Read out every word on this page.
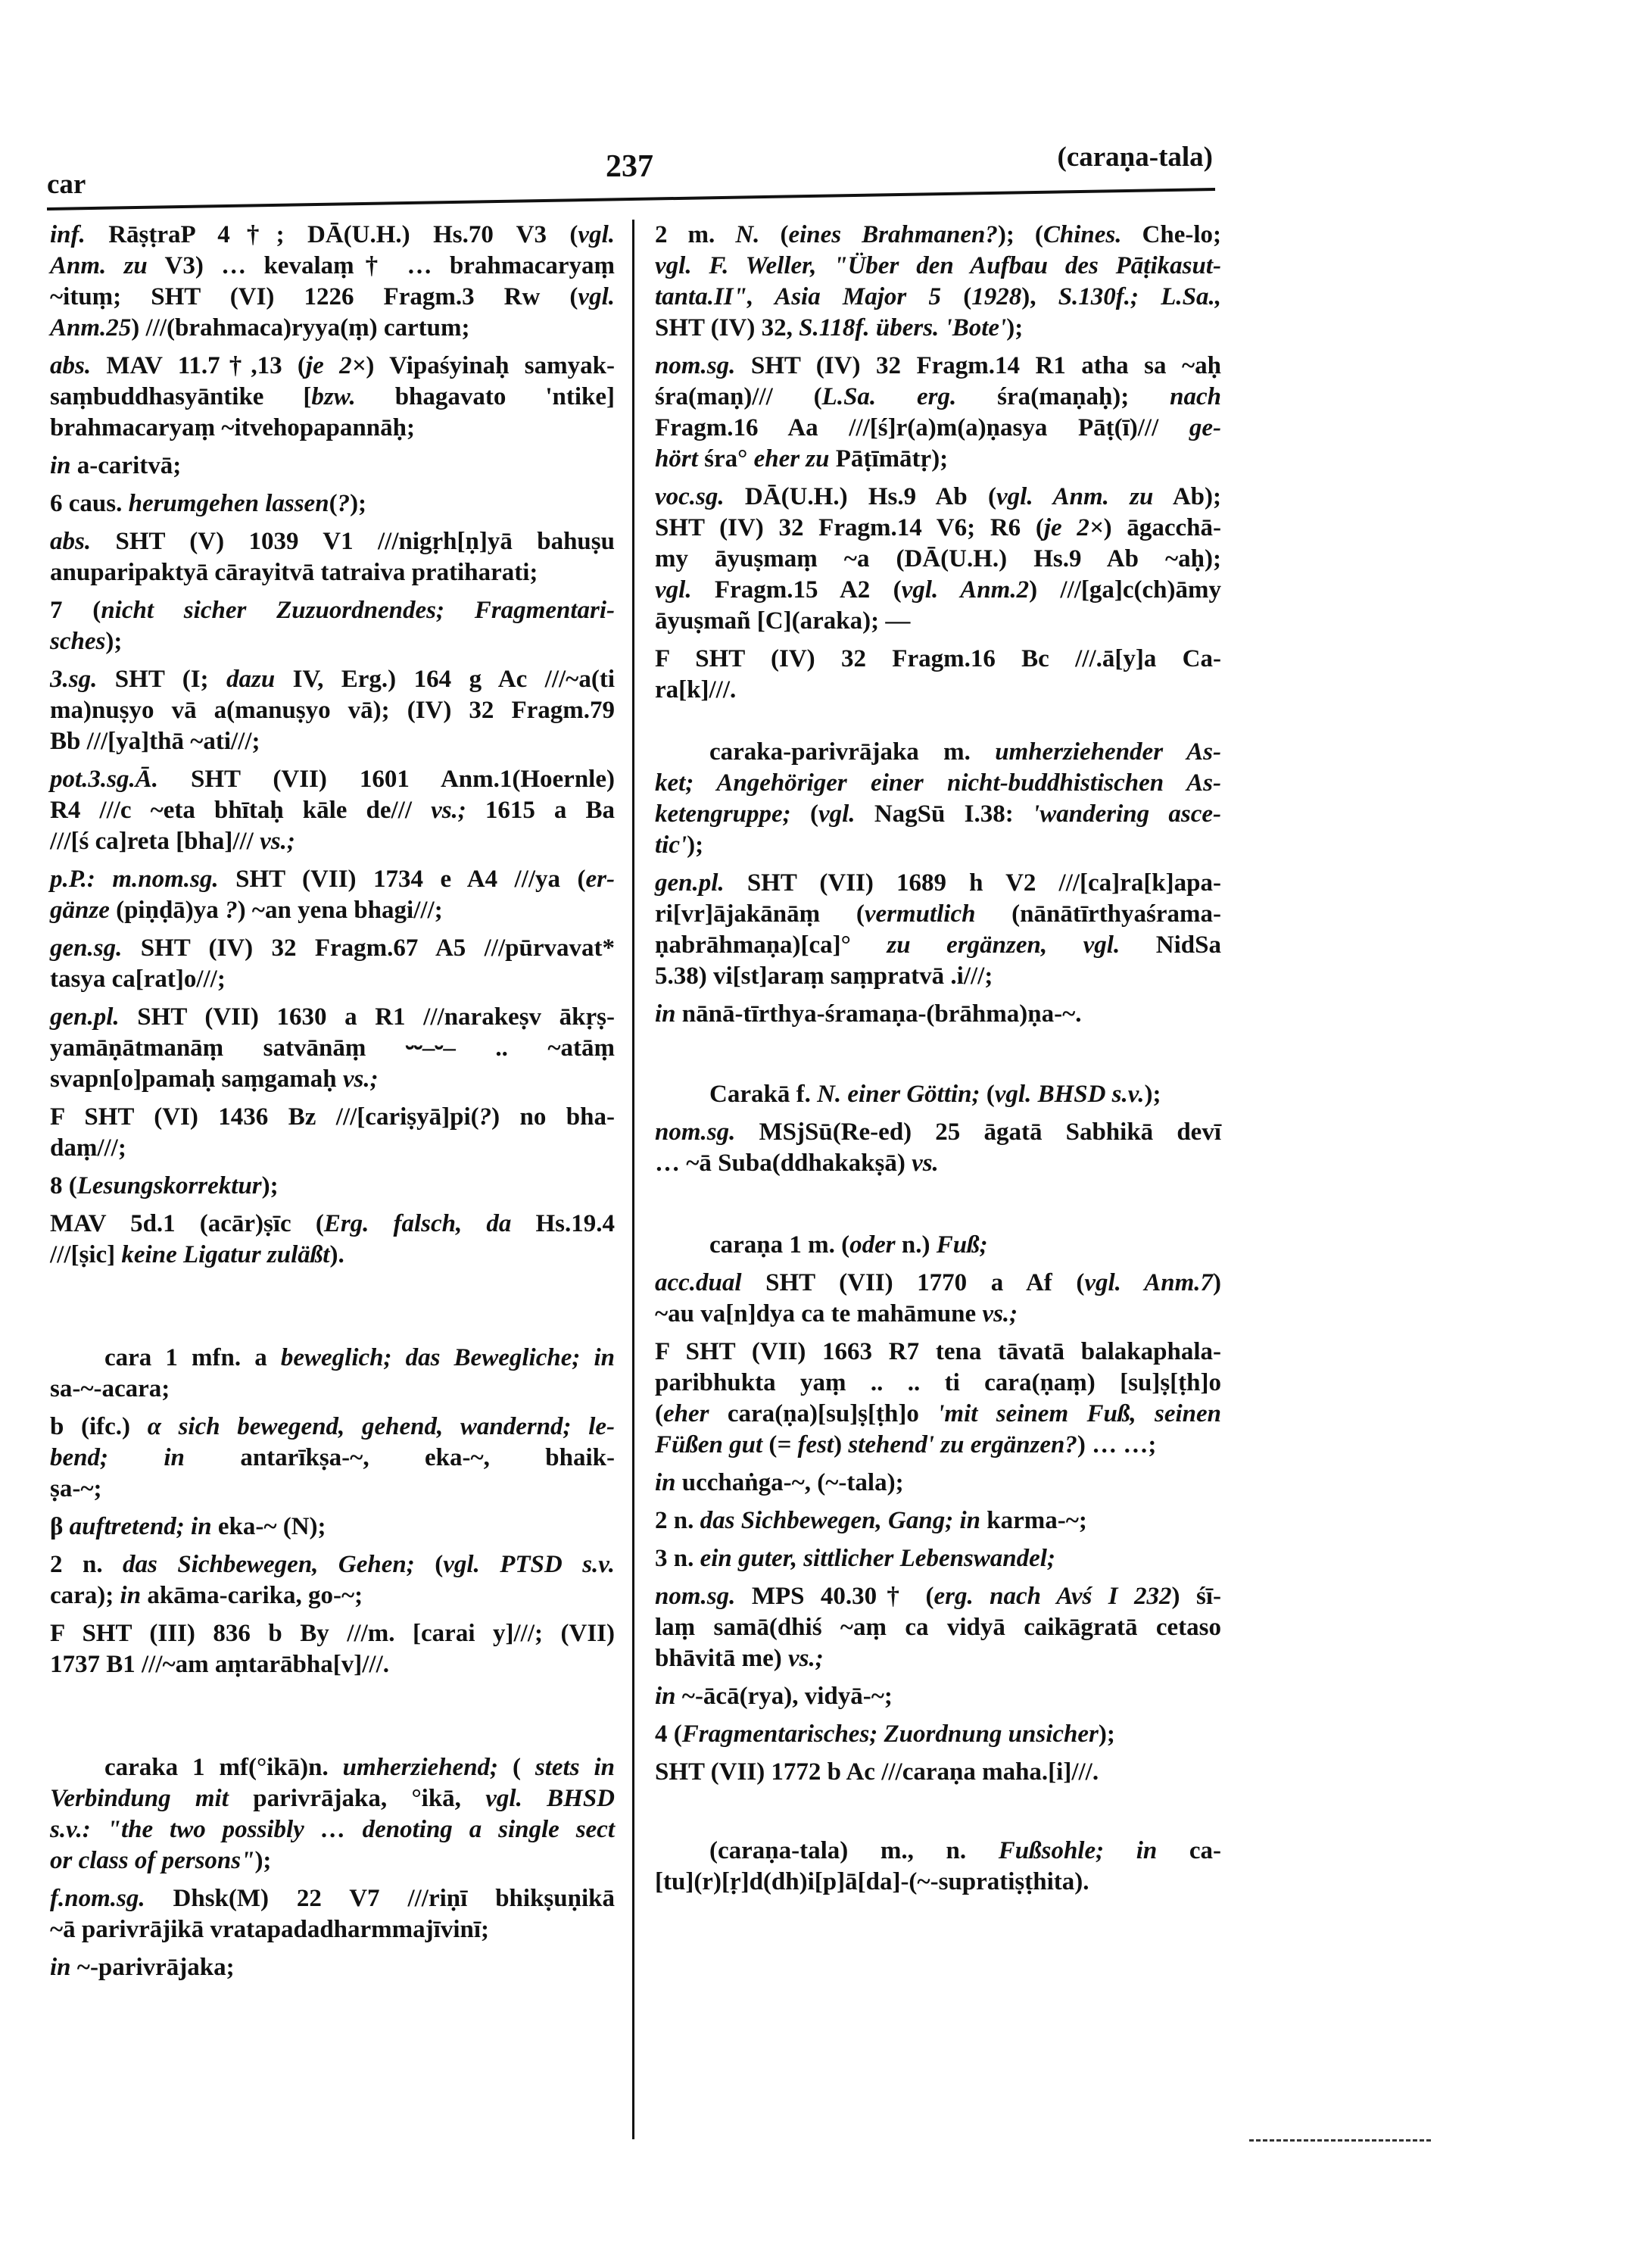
car
237	(caraṇa-tala)
inf. RāṣṭraP 4†; DĀ(U.H.) Hs.70 V3 (vgl.
Anm. zu V3) … kevalaṃ† … brahmacaryaṃ
~ituṃ; SHT (VI) 1226 Fragm.3 Rw (vgl.
Anm.25) ///(brahmaca)ryya(ṃ) cartum;
abs. MAV 11.7†,13 (je 2×) Vipaśyinaḥ samyak-
saṃbuddhasyāntike [bzw. bhagavato 'ntike]
brahmacaryaṃ ~itvehopapannāḥ;
in a-caritvā;
6 caus. herumgehen lassen(?);
abs. SHT (V) 1039 V1 ///nigṛh[ṇ]yā bahuṣu
anuparipaktyā cārayitvā tatraiva pratiharati;
7 (nicht sicher Zuzuordnendes; Fragmentari-
sches);
3.sg. SHT (I; dazu IV, Erg.) 164 g Ac ///~a(ti
ma)nuṣyo vā a(manuṣyo vā); (IV) 32 Fragm.79
Bb ///[ya]thā ~ati///;
pot.3.sg.Ā. SHT (VII) 1601 Anm.1(Hoernle)
R4 ///c ~eta bhītaḥ kāle de/// vs.; 1615 a Ba
///[ś ca]reta [bha]/// vs.;
p.P.: m.nom.sg. SHT (VII) 1734 e A4 ///ya (er-
gänze (piṇḍā)ya ?) ~an yena bhagi///;
gen.sg. SHT (IV) 32 Fragm.67 A5 ///pūrvavat*
tasya ca[rat]o///;
gen.pl. SHT (VII) 1630 a R1 ///narakeṣv ākṛṣ-
yamāṇātmanāṃ satvānāṃ ⏑⏑–⏑– .. ~atāṃ
svapn[o]pamaḥ saṃgamaḥ vs.;
F SHT (VI) 1436 Bz ///[cariṣyā]pi(?) no bha-
daṃ///;
8 (Lesungskorrektur);
MAV 5d.1 (acār)ṣīc (Erg. falsch, da Hs.19.4
///[ṣic] keine Ligatur zuläßt).
cara 1 mfn. a beweglich; das Bewegliche; in
sa-~-acara;
b (ifc.) α sich bewegend, gehend, wandernd; le-
bend; in antarīkṣa-~, eka-~, bhaik-
ṣa-~;
β auftretend; in eka-~ (N);
2 n. das Sichbewegen, Gehen; (vgl. PTSD s.v.
cara); in akāma-carika, go-~;
F SHT (III) 836 b By ///m. [carai y]///; (VII)
1737 B1 ///~am aṃtarābha[v]///.
caraka 1 mf(°ikā)n. umherziehend; ( stets in
Verbindung mit parivrājaka, °ikā, vgl. BHSD
s.v.: "the two possibly … denoting a single sect
or class of persons");
f.nom.sg. Dhsk(M) 22 V7 ///riṇī bhikṣuṇikā
~ā parivrājikā vratapadadharmmajīvinī;
in ~-parivrājaka;
2 m. N. (eines Brahmanen?); (Chines. Che-lo;
vgl. F. Weller, "Über den Aufbau des Pāṭikasut-
tanta.II", Asia Major 5 (1928), S.130f.; L.Sa.,
SHT (IV) 32, S.118f. übers. 'Bote');
nom.sg. SHT (IV) 32 Fragm.14 R1 atha sa ~aḥ
śra(maṇ)/// (L.Sa. erg. śra(maṇaḥ); nach
Fragm.16 Aa ///[ś]r(a)m(a)ṇasya Pāṭ(ī)/// ge-
hört śra° eher zu Pāṭīmātṛ);
voc.sg. DĀ(U.H.) Hs.9 Ab (vgl. Anm. zu Ab);
SHT (IV) 32 Fragm.14 V6; R6 (je 2×) āgacchā-
my āyuṣmaṃ ~a (DĀ(U.H.) Hs.9 Ab ~aḥ);
vgl. Fragm.15 A2 (vgl. Anm.2) ///[ga]c(ch)āmy
āyuṣmañ [C](araka); —
F SHT (IV) 32 Fragm.16 Bc ///.ā[y]a Ca-
ra[k]///.
caraka-parivrājaka m. umherziehender As-
ket; Angehöriger einer nicht-buddhistischen As-
ketengruppe; (vgl. NagSū I.38: 'wandering asce-
tic');
gen.pl. SHT (VII) 1689 h V2 ///[ca]ra[k]apa-
ri[vr]ājakānāṃ (vermutlich (nānātīrthyaśrama-
ṇabrāhmaṇa)[ca]° zu ergänzen, vgl. NidSa
5.38) vi[st]araṃ saṃpratvā .i///;
in nānā-tīrthya-śramaṇa-(brāhma)ṇa-~.
Carakā f. N. einer Göttin; (vgl. BHSD s.v.);
nom.sg. MSjSū(Re-ed) 25 āgatā Sabhikā devī
… ~ā Suba(ddhakakṣā) vs.
caraṇa 1 m. (oder n.) Fuß;
acc.dual SHT (VII) 1770 a Af (vgl. Anm.7)
~au va[n]dya ca te mahāmune vs.;
F SHT (VII) 1663 R7 tena tāvatā balakaphala-
paribhukta yaṃ .. .. ti cara(ṇaṃ) [su]ṣ[ṭh]o
(eher cara(ṇa)[su]ṣ[ṭh]o 'mit seinem Fuß, seinen
Füßen gut (= fest) stehend' zu ergänzen?) … …;
in ucchaṅga-~, (~-tala);
2 n. das Sichbewegen, Gang; in karma-~;
3 n. ein guter, sittlicher Lebenswandel;
nom.sg. MPS 40.30† (erg. nach Avś I 232) śī-
laṃ samā(dhiś ~aṃ ca vidyā caikāgratā cetaso
bhāvitā me) vs.;
in ~-ācā(rya), vidyā-~;
4 (Fragmentarisches; Zuordnung unsicher);
SHT (VII) 1772 b Ac ///caraṇa maha.[i]///.
(caraṇa-tala) m., n. Fußsohle; in ca-
[tu](r)[ṛ]d(dh)i[p]ā[da]-(~-supratiṣṭhita).
